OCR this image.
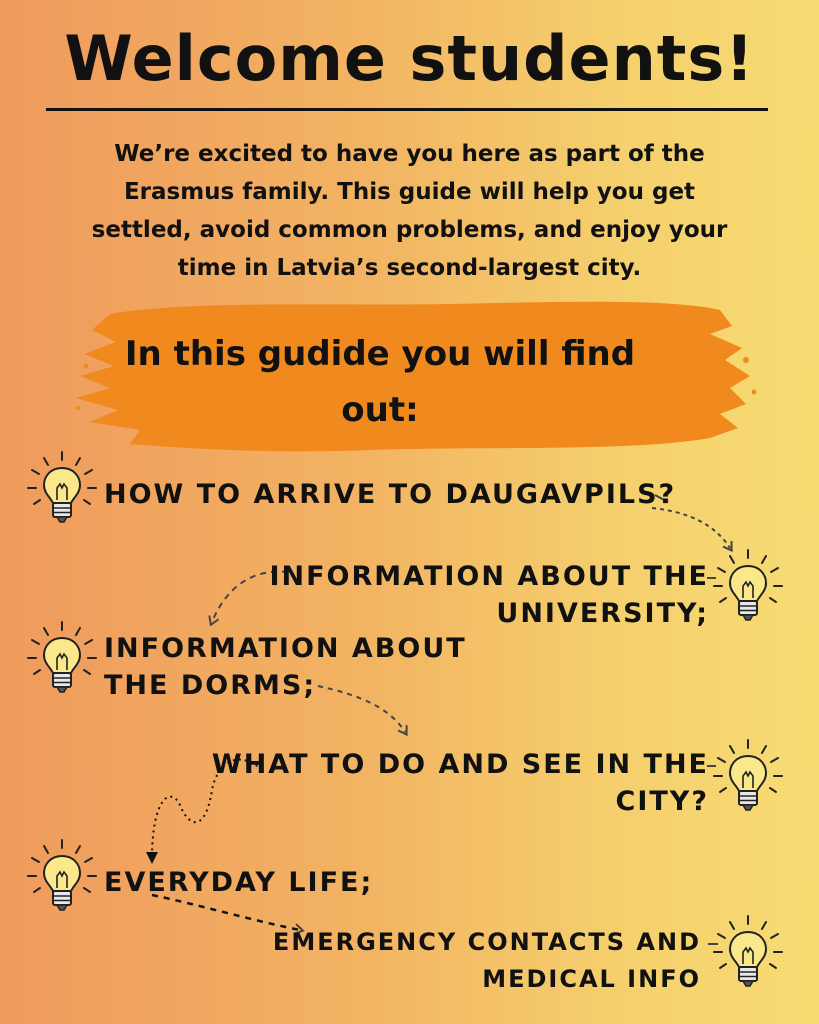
Welcome students!
We’re excited to have you here as part of the Erasmus family. This guide will help you get settled, avoid common problems, and enjoy your time in Latvia’s second-largest city.
In this gudide you will find
out:
HOW TO ARRIVE TO DAUGAVPILS?
INFORMATION ABOUT THE
UNIVERSITY;
INFORMATION ABOUT
THE DORMS;
WHAT TO DO AND SEE IN THE
CITY?
EVERYDAY LIFE;
EMERGENCY CONTACTS AND
MEDICAL INFO
